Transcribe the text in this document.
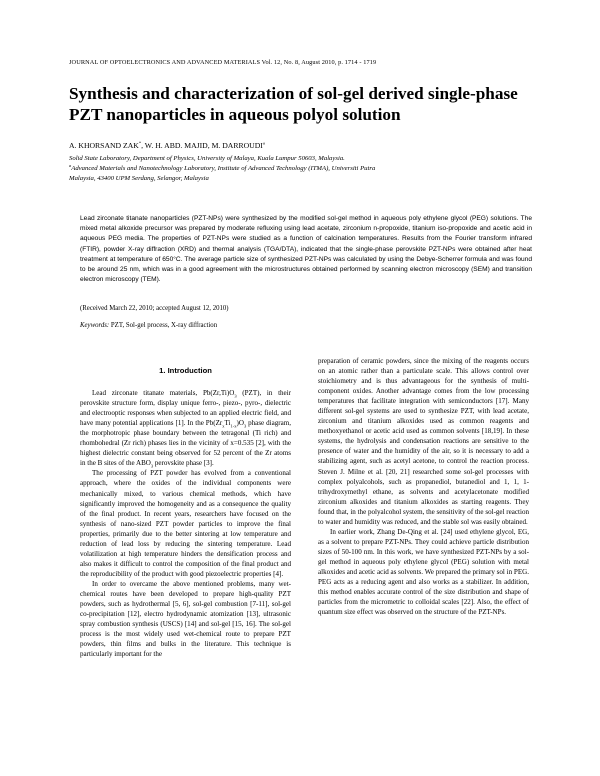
JOURNAL OF OPTOELECTRONICS AND ADVANCED MATERIALS Vol. 12, No. 8, August 2010, p. 1714 - 1719
Synthesis and characterization of sol-gel derived single-phase PZT nanoparticles in aqueous polyol solution
A. KHORSAND ZAK*, W. H. ABD. MAJID, M. DARROUDI$^a$
Solid State Laboratory, Department of Physics, University of Malaya, Kuala Lumpur 50603, Malaysia.
$^a$Advanced Materials and Nanotechnology Laboratory, Institute of Advanced Technology (ITMA), Universiti Putra
Malaysia, 43400 UPM Serdang, Selangor, Malaysia
Lead zirconate titanate nanoparticles (PZT-NPs) were synthesized by the modified sol-gel method in aqueous poly ethylene glycol (PEG) solutions. The mixed metal alkoxide precursor was prepared by moderate refluxing using lead acetate, zirconium n-propoxide, titanium iso-propoxide and acetic acid in aqueous PEG media. The properties of PZT-NPs were studied as a function of calcination temperatures. Results from the Fourier transform infrared (FTIR), powder X-ray diffraction (XRD) and thermal analysis (TGA/DTA), indicated that the single-phase perovskite PZT-NPs were obtained after heat treatment at temperature of 650°C. The average particle size of synthesized PZT-NPs was calculated by using the Debye-Scherrer formula and was found to be around 25 nm, which was in a good agreement with the microstructures obtained performed by scanning electron microscopy (SEM) and transition electron microscopy (TEM).
(Received March 22, 2010; accepted August 12, 2010)
Keywords: PZT, Sol-gel process, X-ray diffraction
1. Introduction

Lead zirconate titanate materials, $Pb(Zr,Ti)O_3$ (PZT), in their perovskite structure form, display unique ferro-, piezo-, pyro-, dielectric and electrooptic responses when subjected to an applied electric field, and have many potential applications [1]. In the $Pb(Zr_xTi_{1-x})O_3$ phase diagram, the morphotropic phase boundary between the tetragonal (Ti rich) and rhombohedral (Zr rich) phases lies in the vicinity of x=0.535 [2], with the highest dielectric constant being observed for 52 percent of the Zr atoms in the B sites of the $ABO_3$ perovskite phase [3].

The processing of PZT powder has evolved from a conventional approach, where the oxides of the individual components were mechanically mixed, to various chemical methods, which have significantly improved the homogeneity and as a consequence the quality of the final product. In recent years, researchers have focused on the synthesis of nano-sized PZT powder particles to improve the final properties, primarily due to the better sintering at low temperature and reduction of lead loss by reducing the sintering temperature. Lead volatilization at high temperature hinders the densification process and also makes it difficult to control the composition of the final product and the reproducibility of the product with good piezoelectric properties [4].

In order to overcame the above mentioned problems, many wet-chemical routes have been developed to prepare high-quality PZT powders, such as hydrothermal [5, 6], sol-gel combustion [7-11], sol-gel co-precipitation [12], electro hydrodynamic atomization [13], ultrasonic spray combustion synthesis (USCS) [14] and sol-gel [15, 16]. The sol-gel process is the most widely used wet-chemical route to prepare PZT powders, thin films and bulks in the literature. This technique is particularly important for the

preparation of ceramic powders, since the mixing of the reagents occurs on an atomic rather than a particulate scale. This allows control over stoichiometry and is thus advantageous for the synthesis of multi-component oxides. Another advantage comes from the low processing temperatures that facilitate integration with semiconductors [17]. Many different sol-gel systems are used to synthesize PZT, with lead acetate, zirconium and titanium alkoxides used as common reagents and methoxyethanol or acetic acid used as common solvents [18,19]. In these systems, the hydrolysis and condensation reactions are sensitive to the presence of water and the humidity of the air, so it is necessary to add a stabilizing agent, such as acetyl acetone, to control the reaction process. Steven J. Milne et al. [20, 21] researched some sol-gel processes with complex polyalcohols, such as propanediol, butanediol and 1, 1, 1-trihydroxymethyl ethane, as solvents and acetylacetonate modified zirconium alkoxides and titanium alkoxides as starting reagents. They found that, in the polyalcohol system, the sensitivity of the sol-gel reaction to water and humidity was reduced, and the stable sol was easily obtained.

In earlier work, Zhang De-Qing et al. [24] used ethylene glycol, EG, as a solvent to prepare PZT-NPs. They could achieve particle distribution sizes of 50-100 nm. In this work, we have synthesized PZT-NPs by a sol-gel method in aqueous poly ethylene glycol (PEG) solution with metal alkoxides and acetic acid as solvents. We prepared the primary sol in PEG. PEG acts as a reducing agent and also works as a stabilizer. In addition, this method enables accurate control of the size distribution and shape of particles from the micrometric to colloidal scales [22]. Also, the effect of quantum size effect was observed on the structure of the PZT-NPs.
